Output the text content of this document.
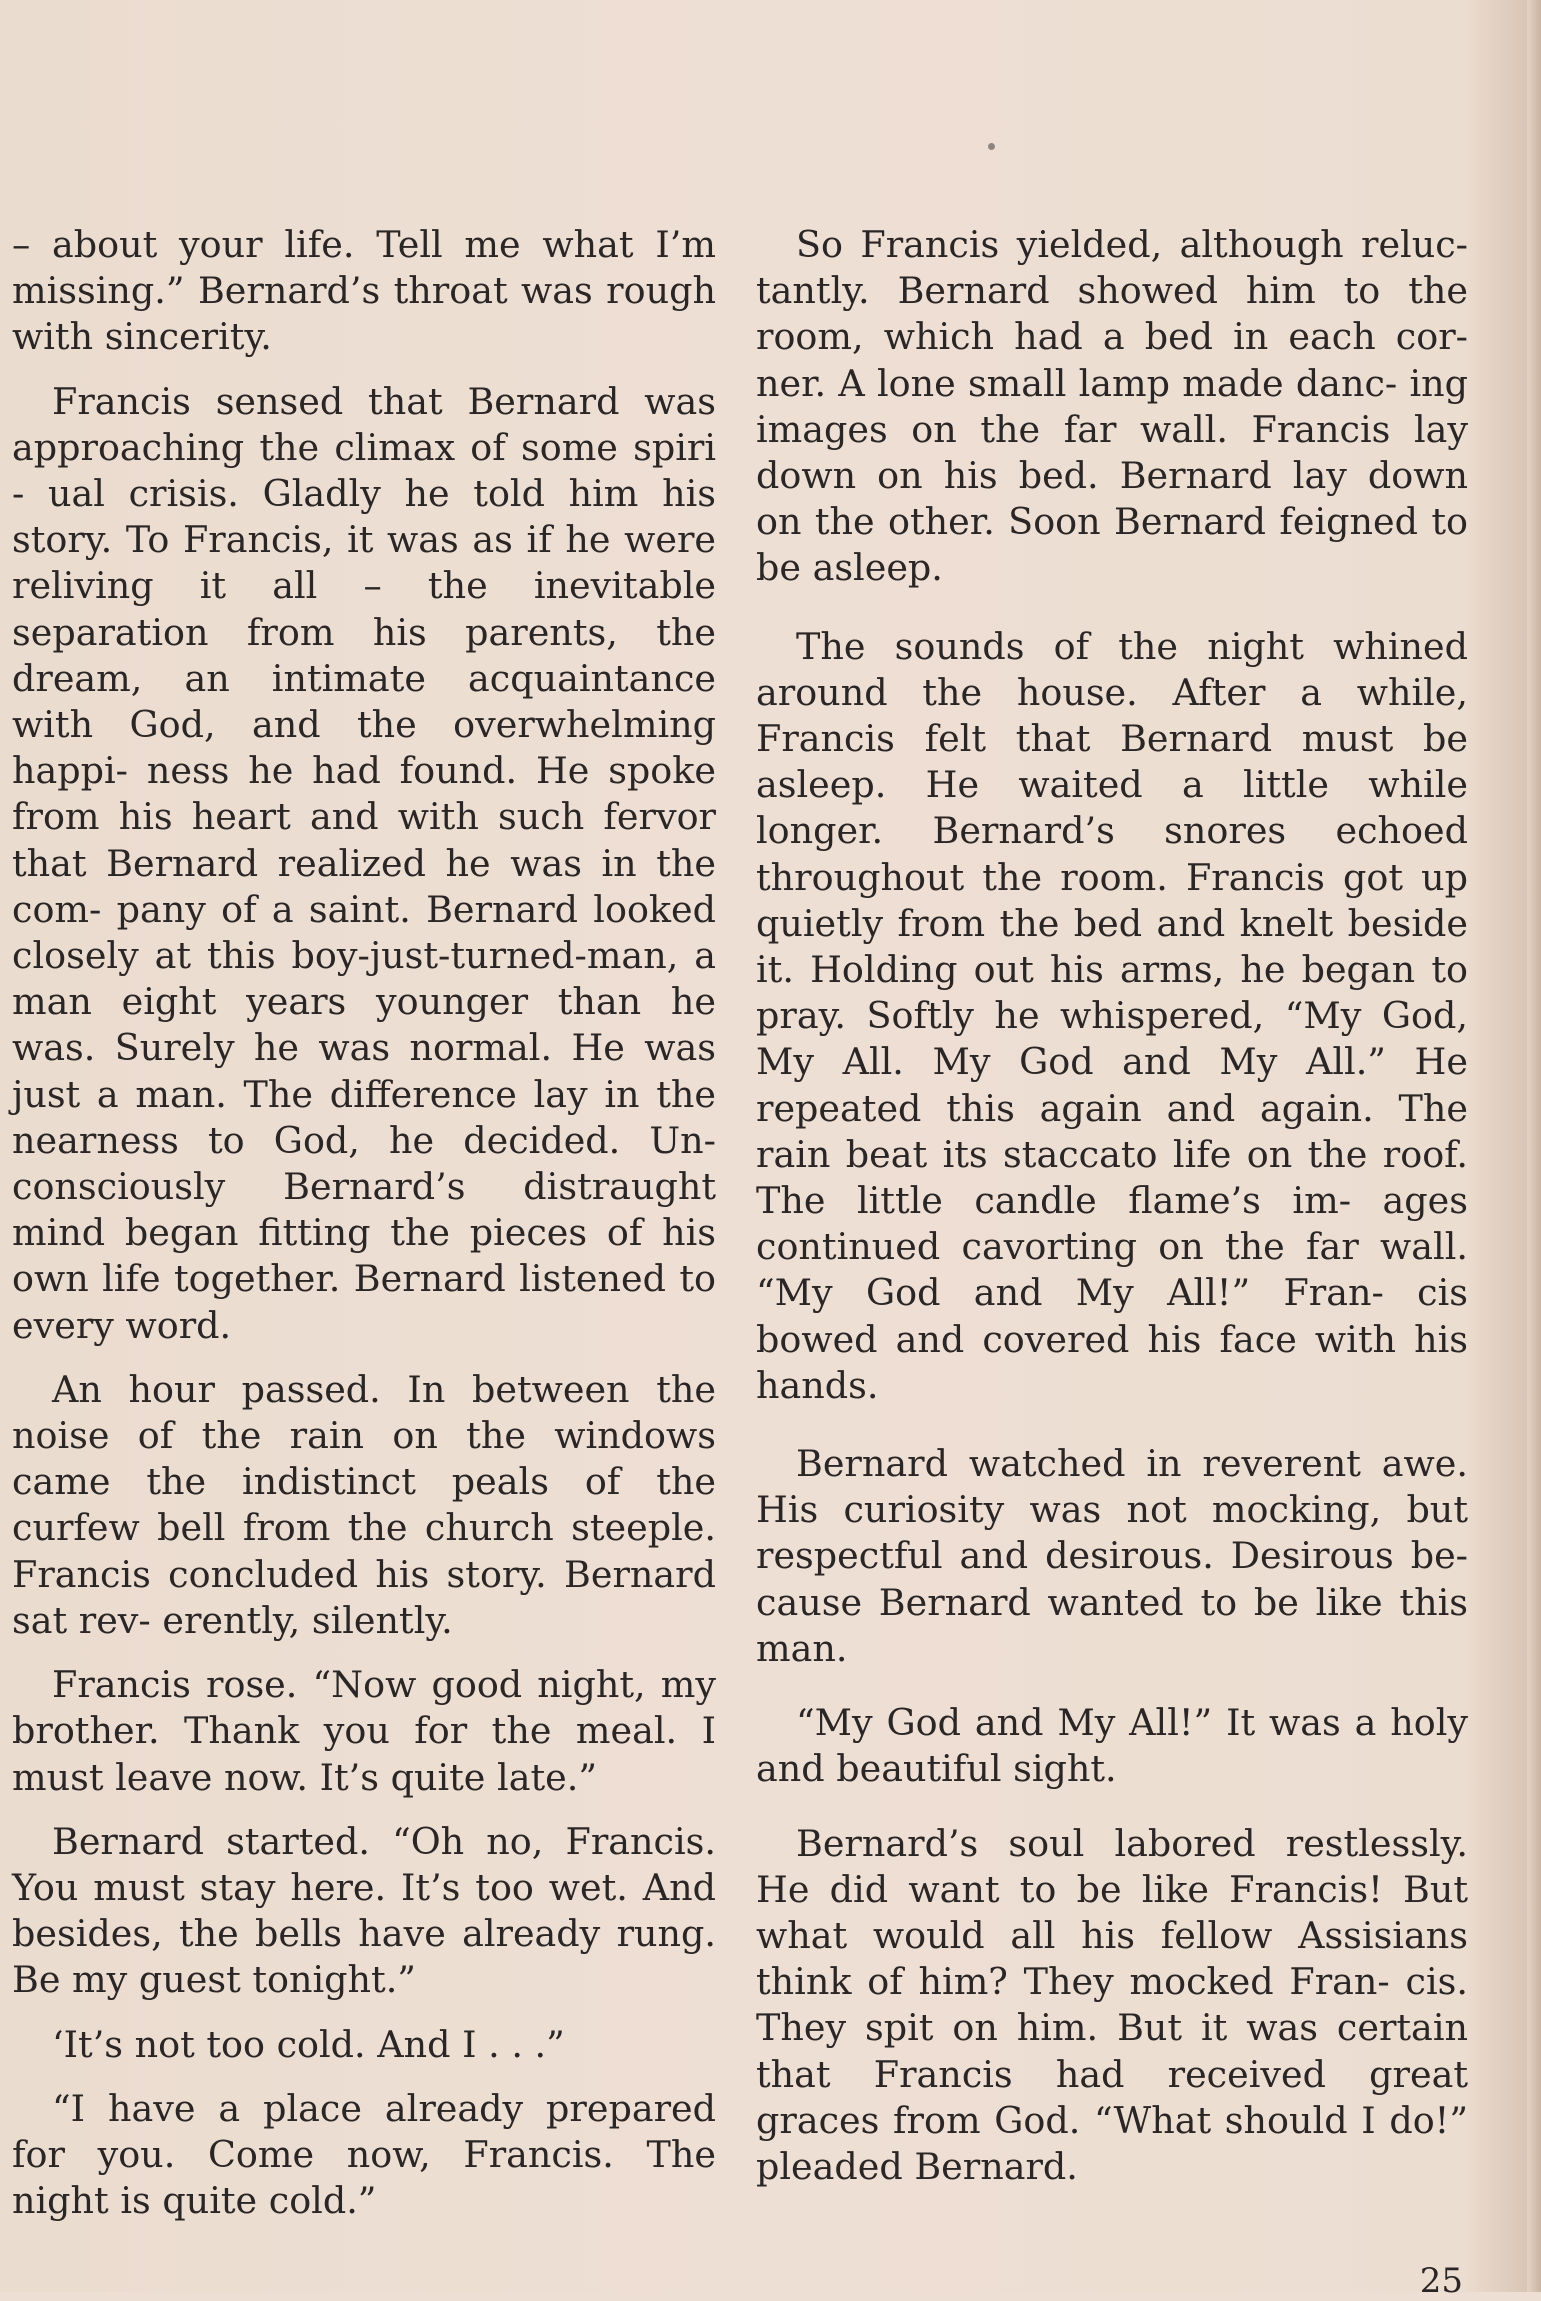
– about your life. Tell me what I’m missing.” Bernard’s throat was rough with sincerity.

Francis sensed that Bernard was approaching the climax of some spiri - ual crisis. Gladly he told him his story. To Francis, it was as if he were reliving it all – the inevitable separation from his parents, the dream, an intimate acquaintance with God, and the overwhelming happi- ness he had found. He spoke from his heart and with such fervor that Bernard realized he was in the com- pany of a saint. Bernard looked closely at this boy-just-turned-man, a man eight years younger than he was. Surely he was normal. He was just a man. The difference lay in the nearness to God, he decided. Un- consciously Bernard’s distraught mind began fitting the pieces of his own life together. Bernard listened to every word.

An hour passed. In between the noise of the rain on the windows came the indistinct peals of the curfew bell from the church steeple. Francis concluded his story. Bernard sat rev- erently, silently.

Francis rose. “Now good night, my brother. Thank you for the meal. I must leave now. It’s quite late.”

Bernard started. “Oh no, Francis. You must stay here. It’s too wet. And besides, the bells have already rung. Be my guest tonight.”

‘It’s not too cold. And I . . .”

“I have a place already prepared for you. Come now, Francis. The night is quite cold.”

So Francis yielded, although reluc- tantly. Bernard showed him to the room, which had a bed in each cor- ner. A lone small lamp made danc- ing images on the far wall. Francis lay down on his bed. Bernard lay down on the other. Soon Bernard feigned to be asleep.

The sounds of the night whined around the house. After a while, Francis felt that Bernard must be asleep. He waited a little while longer. Bernard’s snores echoed throughout the room. Francis got up quietly from the bed and knelt beside it. Holding out his arms, he began to pray. Softly he whispered, “My God, My All. My God and My All.” He repeated this again and again. The rain beat its staccato life on the roof. The little candle flame’s im- ages continued cavorting on the far wall. “My God and My All!” Fran- cis bowed and covered his face with his hands.

Bernard watched in reverent awe. His curiosity was not mocking, but respectful and desirous. Desirous be- cause Bernard wanted to be like this man.

“My God and My All!” It was a holy and beautiful sight.

Bernard’s soul labored restlessly. He did want to be like Francis! But what would all his fellow Assisians think of him? They mocked Fran- cis. They spit on him. But it was certain that Francis had received great graces from God. “What should I do!” pleaded Bernard.

25
